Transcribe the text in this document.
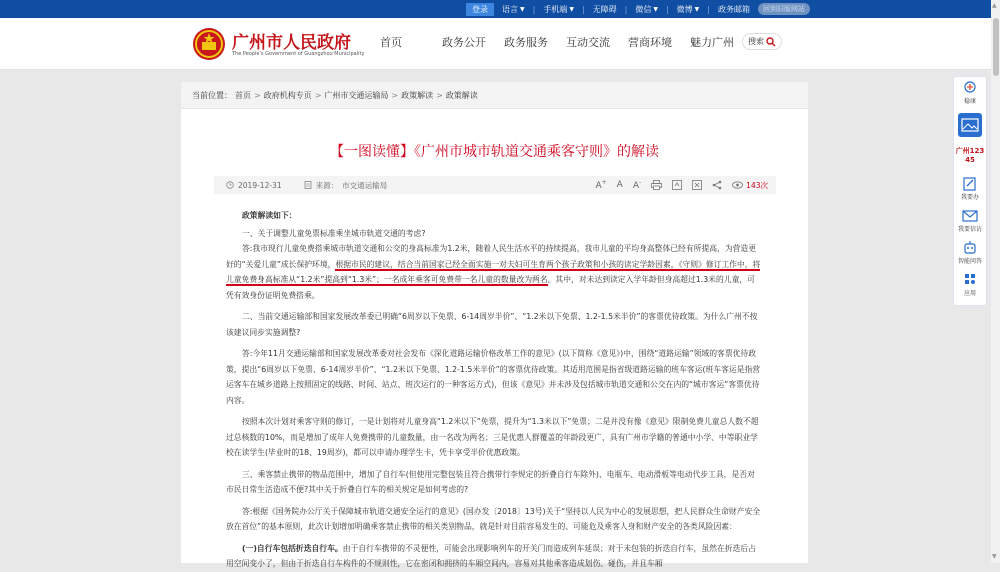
登录	语言 ▼ | 手机端 ▼ | 无障碍 | 微信 ▼ | 微博 ▼ | 政务邮箱	回到旧版网站
广州市人民政府
The People's Government of Guangzhou Municipality
首页	政务公开	政务服务	互动交流	营商环境	魅力广州	搜索
当前位置： 首页 > 政府机构专页 > 广州市交通运输局 > 政策解读 > 政策解读
【一图读懂】《广州市城市轨道交通乘客守则》的解读
2019-12-31	来源： 市交通运输局	A+ A A-	143次

政策解读如下：

一、关于调整儿童免票标准乘坐城市轨道交通的考虑?

答:我市现行儿童免费搭乘城市轨道交通和公交的身高标准为1.2米，随着人民生活水平的持续提高，我市儿童的平均身高整体已经有所提高，为营造更好的“关爱儿童”成长保护环境，根据市民的建议，结合当前国家已经全面实施一对夫妇可生育两个孩子政策和小孩的读定学龄因素，《守则》修订工作中，将儿童免费身高标准从“1.2米”提高到“1.3米”；一名成年乘客可免费带一名儿童的数量改为两名，其中，对未达到读定入学年龄但身高超过1.3米的儿童，可凭有效身份证明免费搭乘。

二、当前交通运输部和国家发展改革委已明确“6周岁以下免票、6-14周岁半价”、“1.2米以下免票、1.2-1.5米半价”的客票优待政策。为什么广州不按该建议同步实施调整?

答:今年11月交通运输部和国家发展改革委对社会发布《深化道路运输价格改革工作的意见》(以下简称《意见》)中，围绕“道路运输”领域的客票优待政策，提出“6周岁以下免票、6-14周岁半价”、“1.2米以下免票、1.2-1.5米半价”的客票优待政策。其适用范围是指省级道路运输的班车客运(班车客运是指营运客车在城乡道路上按照固定的线路、时间、站点、班次运行的一种客运方式)，但该《意见》并未涉及包括城市轨道交通和公交在内的“城市客运”客票优待内容。

按照本次计划对乘客守则的修订，一是计划将对儿童身高“1.2米以下”免票，提升为“1.3米以下”免票；二是并没有像《意见》限制免费儿童总人数不超过总核数的10%，而是增加了成年人免费携带的儿童数量，由一名改为两名；三是优惠人群覆盖的年龄段更广，具有广州市学籍的普通中小学、中等职业学校在读学生(毕业时的18、19周岁)，都可以申请办理学生卡，凭卡享受半价优惠政策。

三、乘客禁止携带的物品范围中，增加了自行车(但使用完整包装且符合携带行李规定的折叠自行车除外)、电瓶车、电动滑板等电动代步工具，是否对市民日常生活造成不便?其中关于折叠自行车的相关规定是如何考虑的?

答:根据《国务院办公厅关于保障城市轨道交通安全运行的意见》(国办发〔2018〕13号)关于“坚持以人民为中心的发展思想，把人民群众生命财产安全放在首位”的基本原则，此次计划增加明确乘客禁止携带的相关类别物品，就是针对目前容易发生的、可能危及乘客人身和财产安全的各类风险因素：

(一)自行车包括折迭自行车。由于自行车携带的不灵便性，可能会出现影响列车的开关门而造成列车延误；对于未包装的折迭自行车，虽然在折迭后占用空间变小了，但由于折迭自行车构件的不规则性，它在密闭和拥挤的车厢空间内，容易对其他乘客造成划伤、碰伤，并且车厢

稳康
广州12345
我要办
我要信访
智能问答
应用
▲
▼
